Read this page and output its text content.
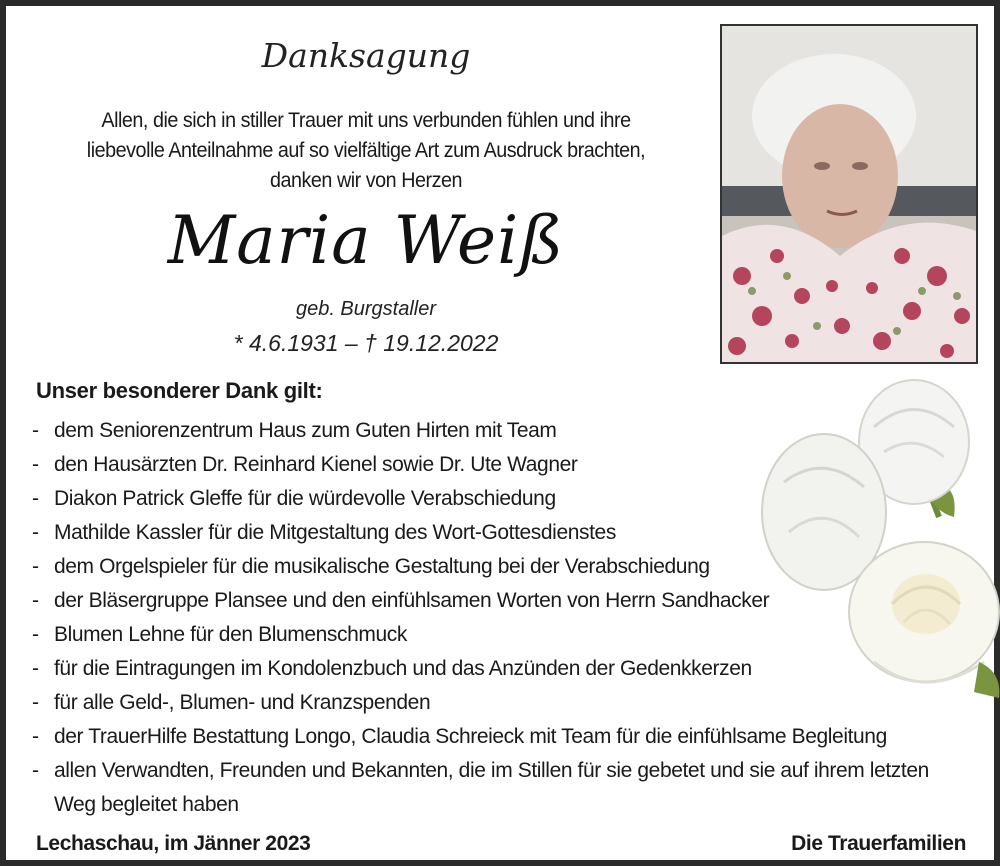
Danksagung
Allen, die sich in stiller Trauer mit uns verbunden fühlen und ihre
liebevolle Anteilnahme auf so vielfältige Art zum Ausdruck brachten,
danken wir von Herzen
Maria Weiß
geb. Burgstaller
* 4.6.1931 – † 19.12.2022
Unser besonderer Dank gilt:
- dem Seniorenzentrum Haus zum Guten Hirten mit Team
- den Hausärzten Dr. Reinhard Kienel sowie Dr. Ute Wagner
- Diakon Patrick Gleffe für die würdevolle Verabschiedung
- Mathilde Kassler für die Mitgestaltung des Wort-Gottesdienstes
- dem Orgelspieler für die musikalische Gestaltung bei der Verabschiedung
- der Bläsergruppe Plansee und den einfühlsamen Worten von Herrn Sandhacker
- Blumen Lehne für den Blumenschmuck
- für die Eintragungen im Kondolenzbuch und das Anzünden der Gedenkkerzen
- für alle Geld-, Blumen- und Kranzspenden
- der TrauerHilfe Bestattung Longo, Claudia Schreieck mit Team für die einfühlsame Begleitung
- allen Verwandten, Freunden und Bekannten, die im Stillen für sie gebetet und sie auf ihrem letzten Weg begleitet haben
Lechaschau, im Jänner 2023	Die Trauerfamilien
